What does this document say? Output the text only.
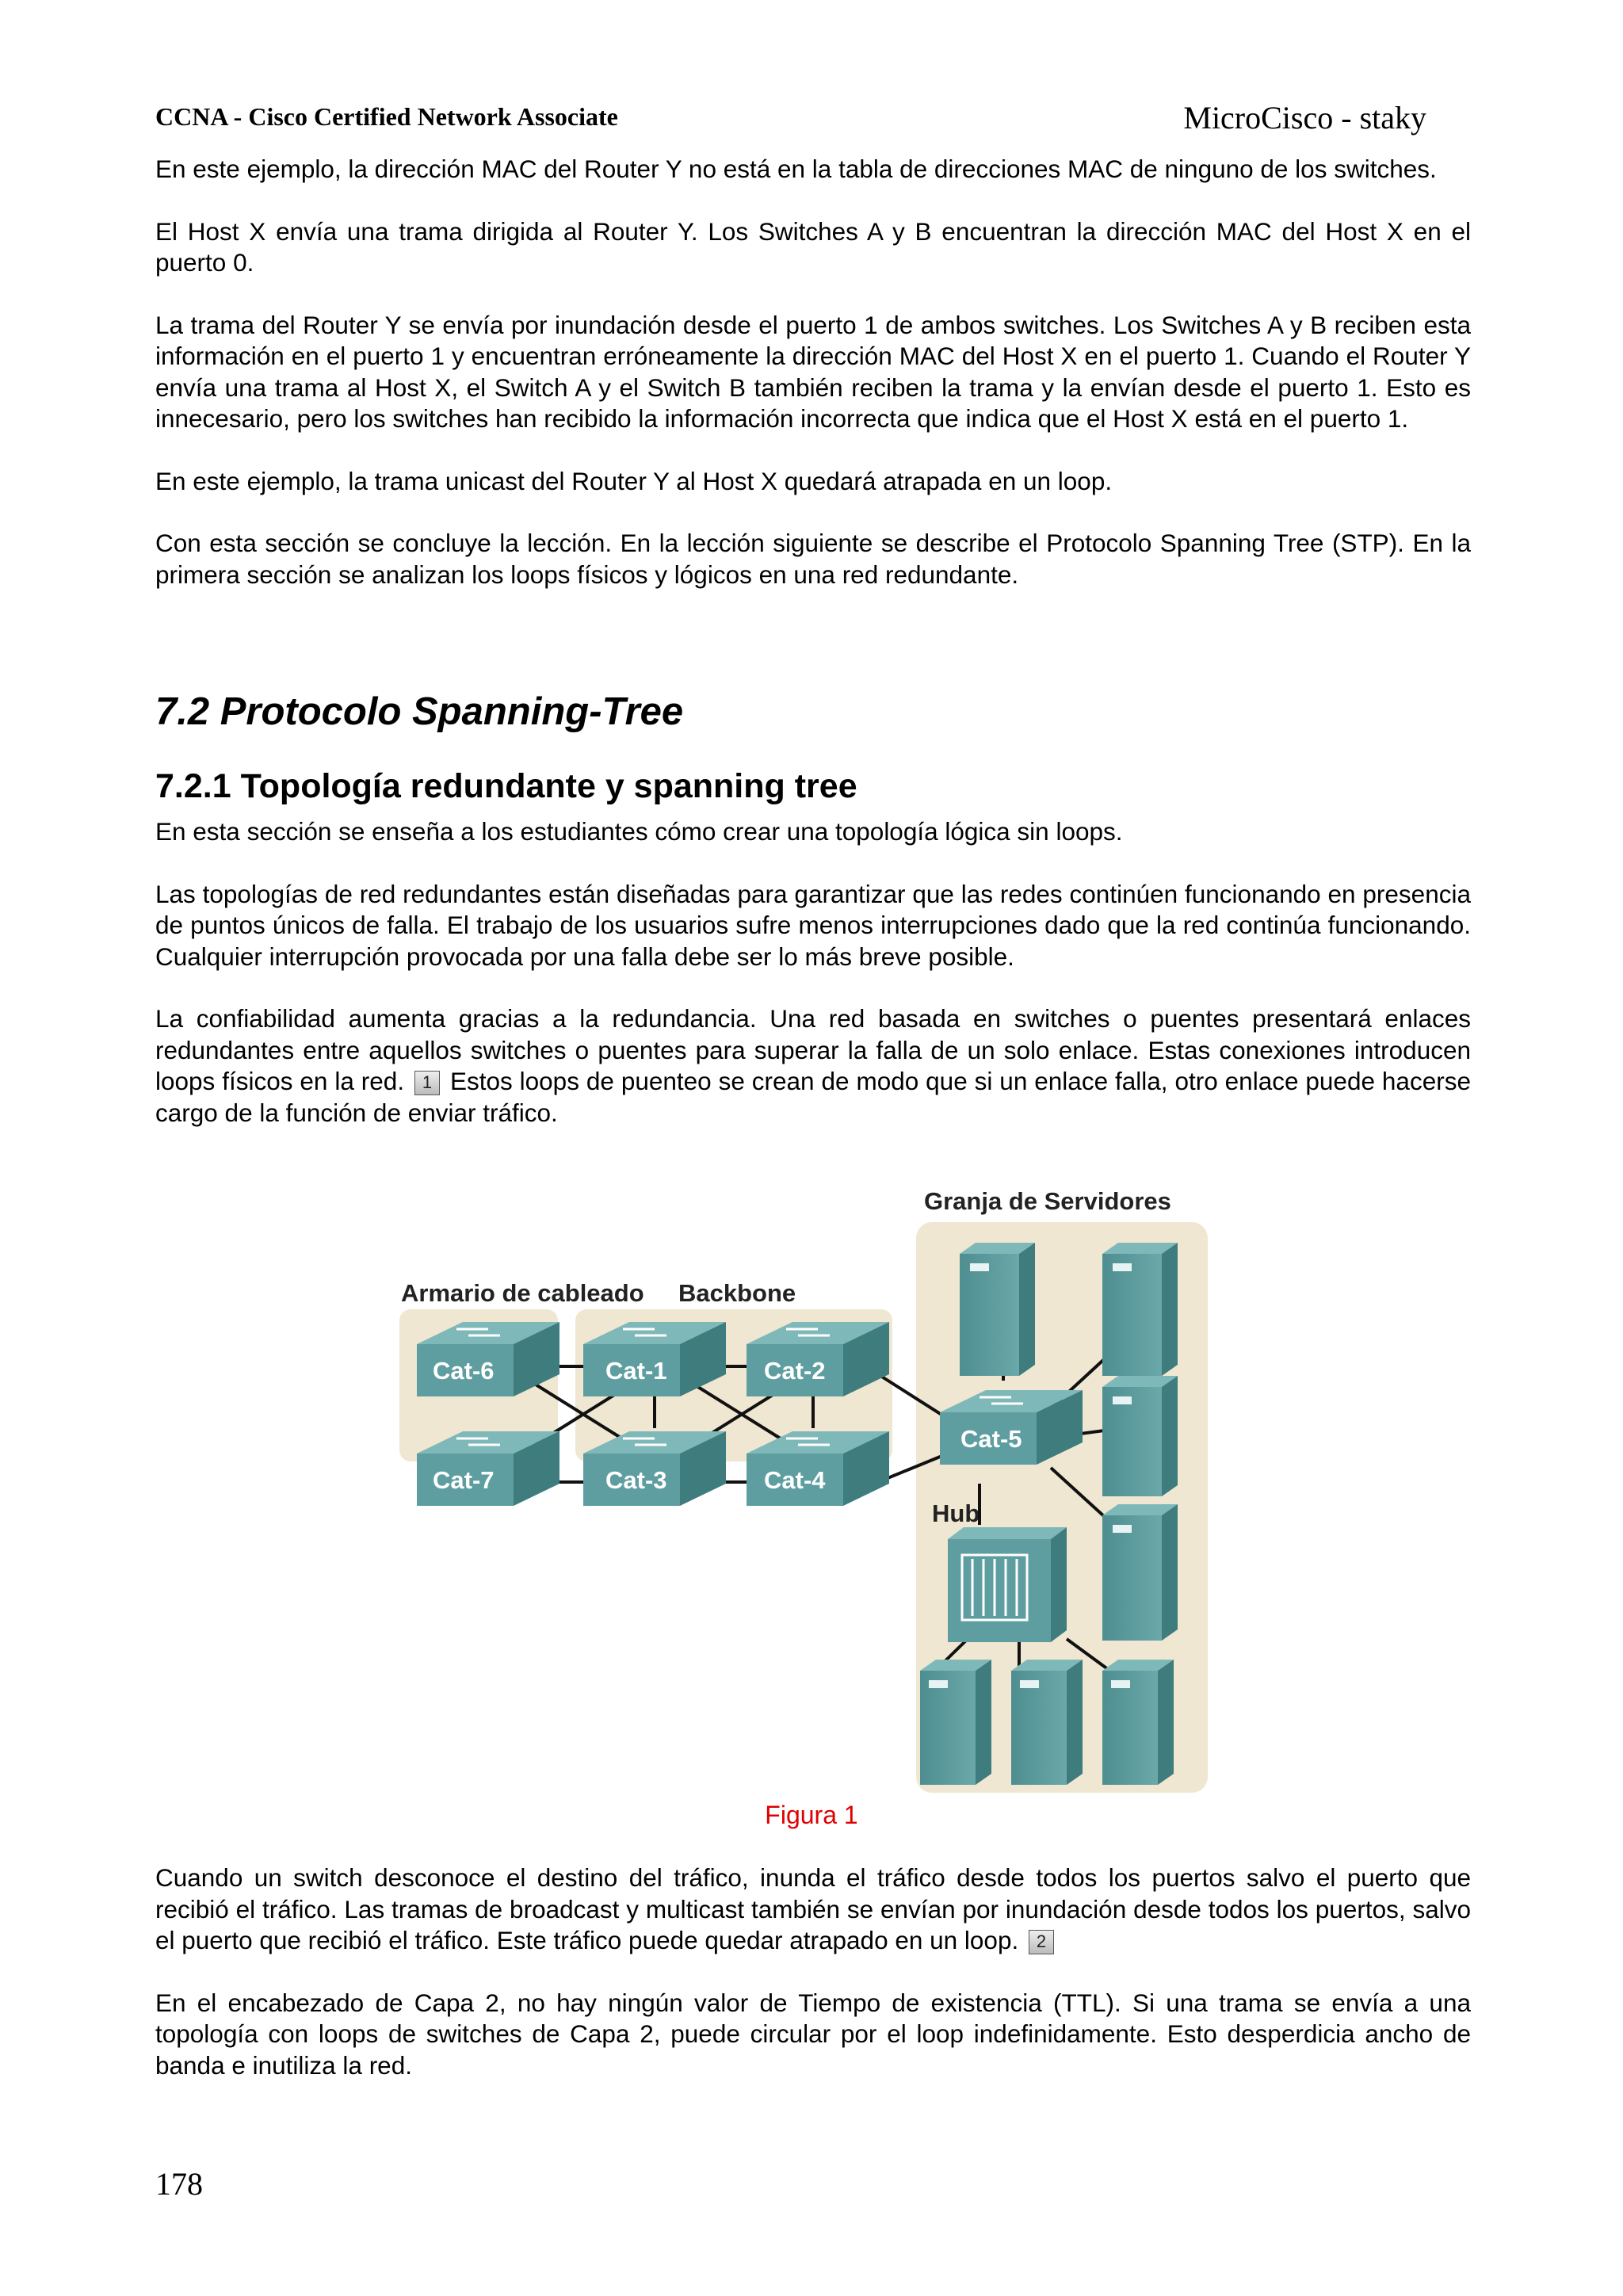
CCNA - Cisco Certified Network Associate	MicroCisco - staky

En este ejemplo, la dirección MAC del Router Y no está en la tabla de direcciones MAC de ninguno de los switches.

El Host X envía una trama dirigida al Router Y. Los Switches A y B encuentran la dirección MAC del Host X en el puerto 0.

La trama del Router Y se envía por inundación desde el puerto 1 de ambos switches. Los Switches A y B reciben esta información en el puerto 1 y encuentran erróneamente la dirección MAC del Host X en el puerto 1. Cuando el Router Y envía una trama al Host X, el Switch A y el Switch B también reciben la trama y la envían desde el puerto 1. Esto es innecesario, pero los switches han recibido la información incorrecta que indica que el Host X está en el puerto 1.

En este ejemplo, la trama unicast del Router Y al Host X quedará atrapada en un loop.

Con esta sección se concluye la lección. En la lección siguiente se describe el Protocolo Spanning Tree (STP). En la primera sección se analizan los loops físicos y lógicos en una red redundante.

7.2 Protocolo Spanning-Tree
7.2.1 Topología redundante y spanning tree

En esta sección se enseña a los estudiantes cómo crear una topología lógica sin loops.

Las topologías de red redundantes están diseñadas para garantizar que las redes continúen funcionando en presencia de puntos únicos de falla. El trabajo de los usuarios sufre menos interrupciones dado que la red continúa funcionando. Cualquier interrupción provocada por una falla debe ser lo más breve posible.

La confiabilidad aumenta gracias a la redundancia. Una red basada en switches o puentes presentará enlaces redundantes entre aquellos switches o puentes para superar la falla de un solo enlace. Estas conexiones introducen loops físicos en la red. 1 Estos loops de puenteo se crean de modo que si un enlace falla, otro enlace puede hacerse cargo de la función de enviar tráfico.

Granja de Servidores
Armario de cableado Backbone
Hub
Cat-6	Cat-1	Cat-2
Cat-7	Cat-3	Cat-4
Cat-5
Figura 1

Cuando un switch desconoce el destino del tráfico, inunda el tráfico desde todos los puertos salvo el puerto que recibió el tráfico. Las tramas de broadcast y multicast también se envían por inundación desde todos los puertos, salvo el puerto que recibió el tráfico. Este tráfico puede quedar atrapado en un loop. 2

En el encabezado de Capa 2, no hay ningún valor de Tiempo de existencia (TTL). Si una trama se envía a una topología con loops de switches de Capa 2, puede circular por el loop indefinidamente. Esto desperdicia ancho de banda e inutiliza la red.

178
